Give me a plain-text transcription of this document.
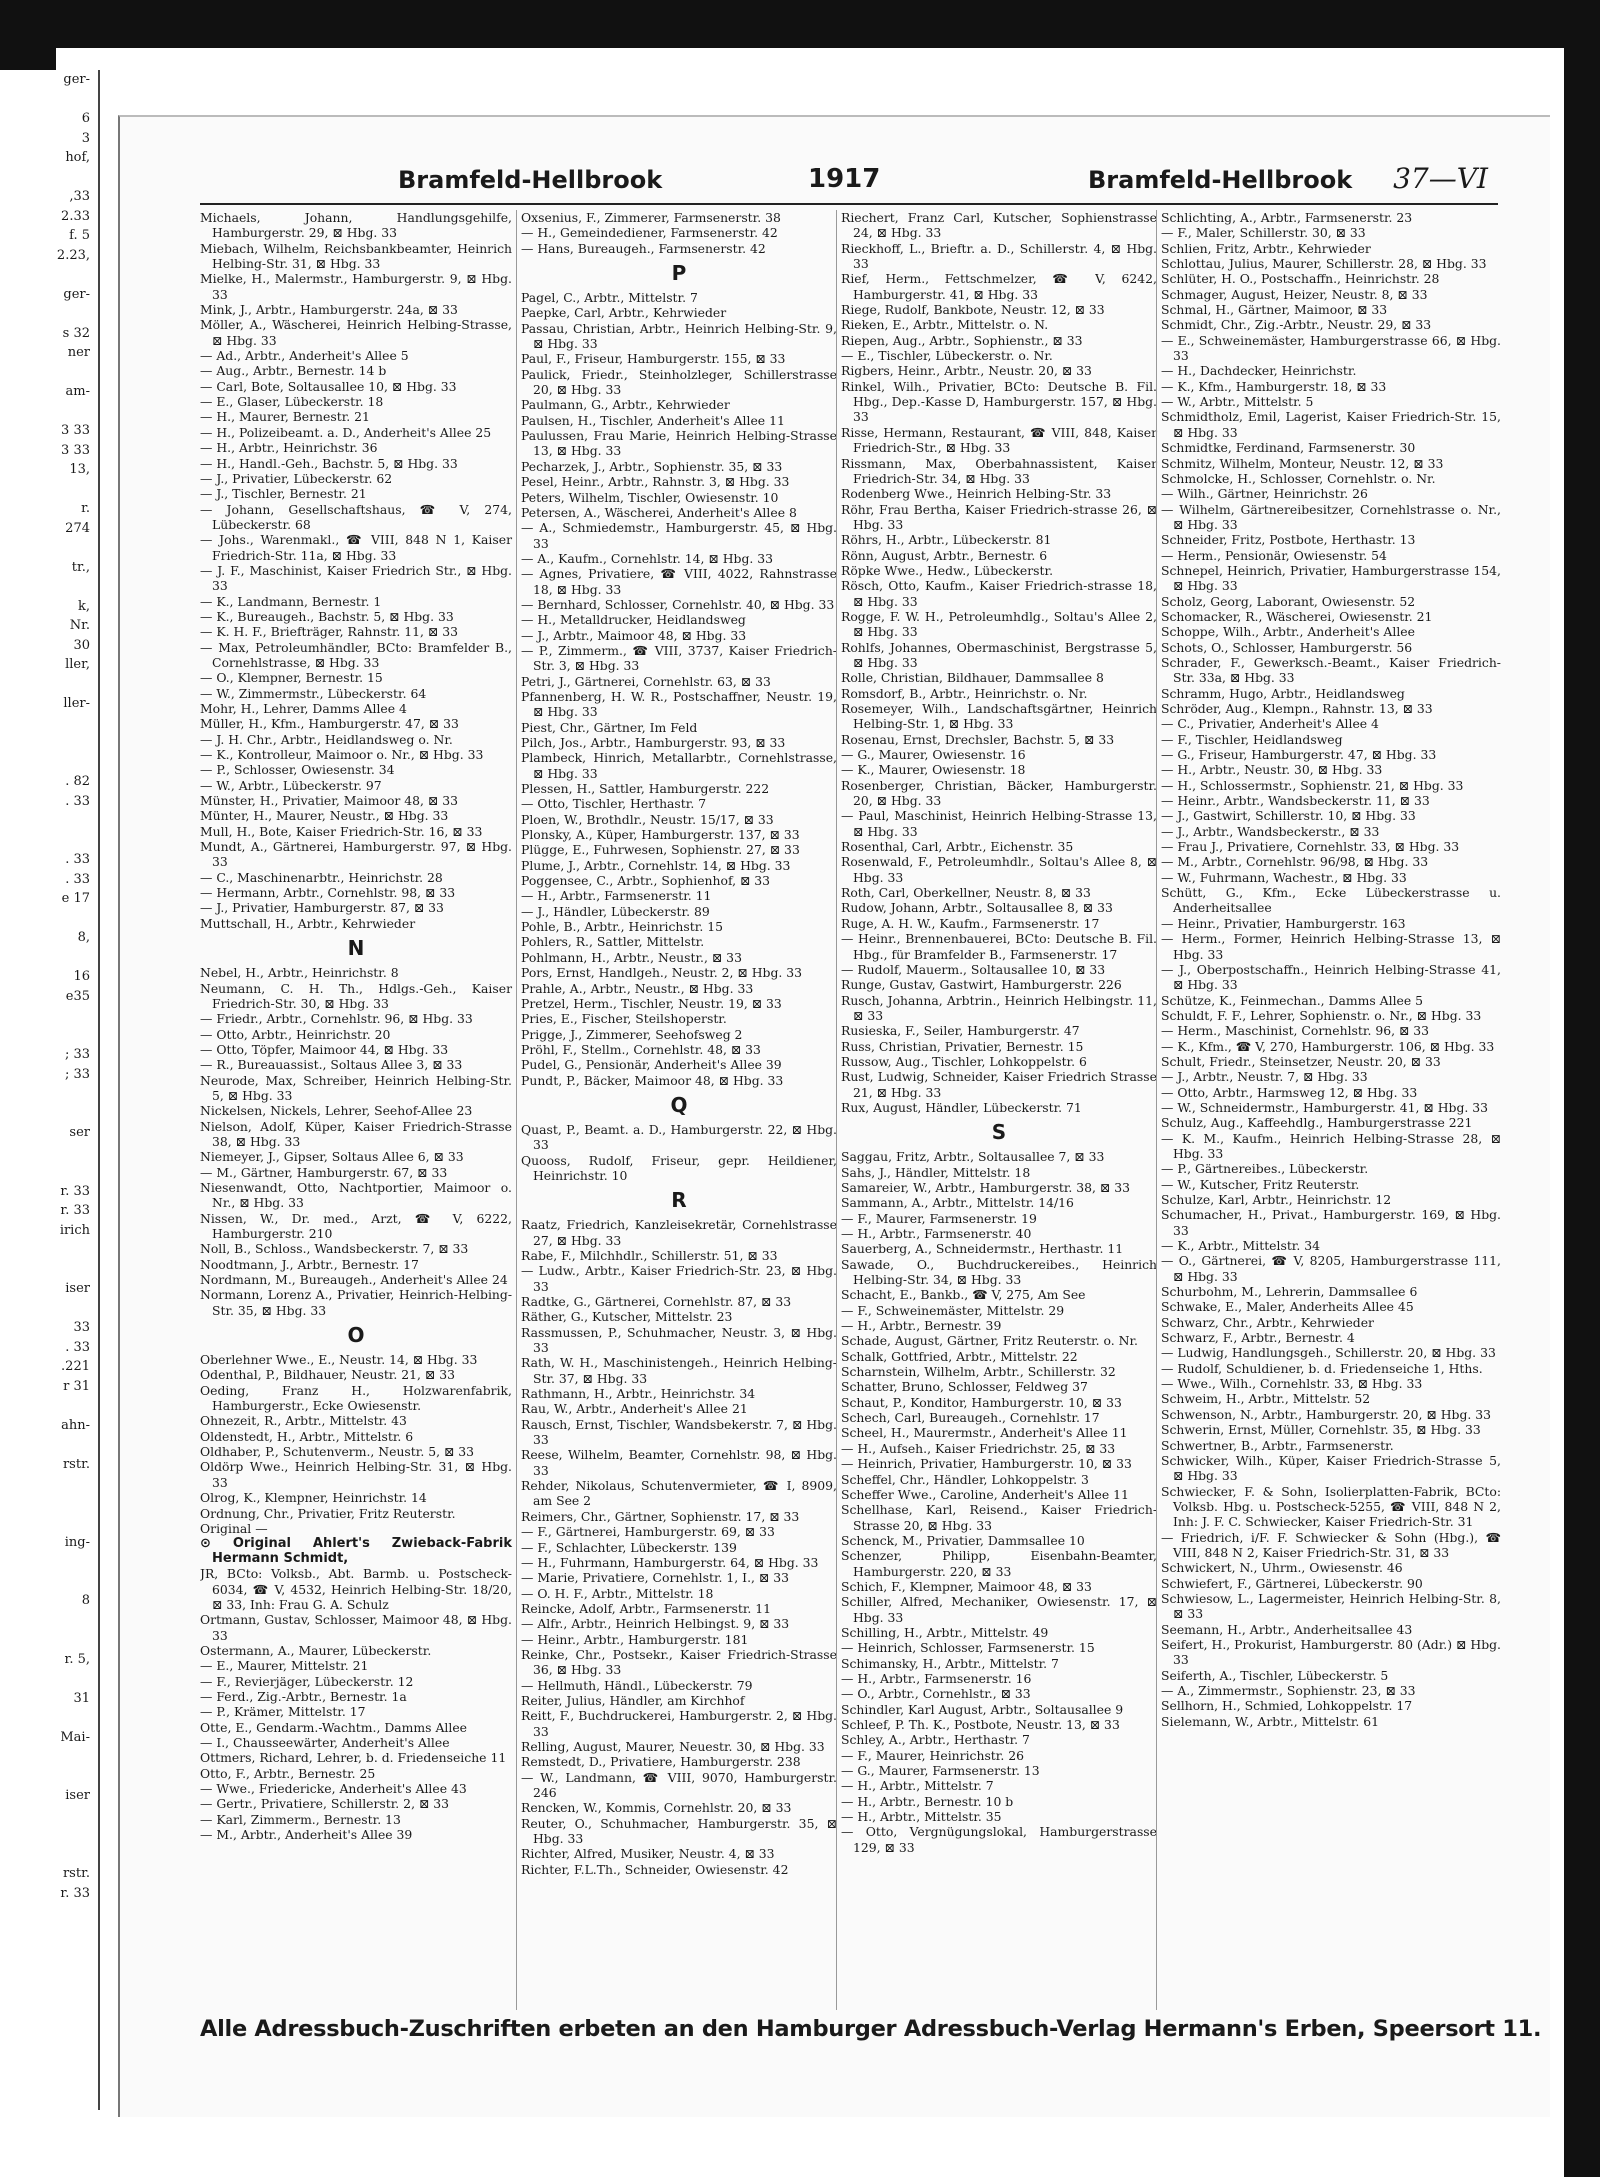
ger-

6
3
hof,

,33
2.33
f. 5
2.23,

ger-

s 32
ner

am-

3 33
3 33
13,

r.
274

tr.,

k,
Nr.
30
ller,

ller-

. 82
. 33

. 33
. 33
e 17

8,

16
e35

; 33
; 33

ser

r. 33
r. 33
irich

iser

33
. 33
.221
r 31

ahn-

rstr.

ing-

8

r. 5,

31

Mai-

iser

rstr.
r. 33
Bramfeld-Hellbrook	1917	Bramfeld-Hellbrook 37—VI
Michaels, Johann, Handlungsgehilfe, Hamburgerstr. 29, ⊠ Hbg. 33
Miebach, Wilhelm, Reichsbankbeamter, Heinrich Helbing-Str. 31, ⊠ Hbg. 33
Mielke, H., Malermstr., Hamburgerstr. 9, ⊠ Hbg. 33
Mink, J., Arbtr., Hamburgerstr. 24a, ⊠ 33
Möller, A., Wäscherei, Heinrich Helbing-Strasse, ⊠ Hbg. 33
— Ad., Arbtr., Anderheit's Allee 5
— Aug., Arbtr., Bernestr. 14 b
— Carl, Bote, Soltausallee 10, ⊠ Hbg. 33
— E., Glaser, Lübeckerstr. 18
— H., Maurer, Bernestr. 21
— H., Polizeibeamt. a. D., Anderheit's Allee 25
— H., Arbtr., Heinrichstr. 36
— H., Handl.-Geh., Bachstr. 5, ⊠ Hbg. 33
— J., Privatier, Lübeckerstr. 62
— J., Tischler, Bernestr. 21
— Johann, Gesellschaftshaus, ☎ V, 274, Lübeckerstr. 68
— Johs., Warenmakl., ☎ VIII, 848 N 1, Kaiser Friedrich-Str. 11a, ⊠ Hbg. 33
— J. F., Maschinist, Kaiser Friedrich Str., ⊠ Hbg. 33
— K., Landmann, Bernestr. 1
— K., Bureaugeh., Bachstr. 5, ⊠ Hbg. 33
— K. H. F., Briefträger, Rahnstr. 11, ⊠ 33
— Max, Petroleumhändler, BCto: Bramfelder B., Cornehlstrasse, ⊠ Hbg. 33
— O., Klempner, Bernestr. 15
— W., Zimmermstr., Lübeckerstr. 64
Mohr, H., Lehrer, Damms Allee 4
Müller, H., Kfm., Hamburgerstr. 47, ⊠ 33
— J. H. Chr., Arbtr., Heidlandsweg o. Nr.
— K., Kontrolleur, Maimoor o. Nr., ⊠ Hbg. 33
— P., Schlosser, Owiesenstr. 34
— W., Arbtr., Lübeckerstr. 97
Münster, H., Privatier, Maimoor 48, ⊠ 33
Münter, H., Maurer, Neustr., ⊠ Hbg. 33
Mull, H., Bote, Kaiser Friedrich-Str. 16, ⊠ 33
Mundt, A., Gärtnerei, Hamburgerstr. 97, ⊠ Hbg. 33
— C., Maschinenarbtr., Heinrichstr. 28
— Hermann, Arbtr., Cornehlstr. 98, ⊠ 33
— J., Privatier, Hamburgerstr. 87, ⊠ 33
Muttschall, H., Arbtr., Kehrwieder
N
Nebel, H., Arbtr., Heinrichstr. 8
Neumann, C. H. Th., Hdlgs.-Geh., Kaiser Friedrich-Str. 30, ⊠ Hbg. 33
— Friedr., Arbtr., Cornehlstr. 96, ⊠ Hbg. 33
— Otto, Arbtr., Heinrichstr. 20
— Otto, Töpfer, Maimoor 44, ⊠ Hbg. 33
— R., Bureauassist., Soltaus Allee 3, ⊠ 33
Neurode, Max, Schreiber, Heinrich Helbing-Str. 5, ⊠ Hbg. 33
Nickelsen, Nickels, Lehrer, Seehof-Allee 23
Nielson, Adolf, Küper, Kaiser Friedrich-Strasse 38, ⊠ Hbg. 33
Niemeyer, J., Gipser, Soltaus Allee 6, ⊠ 33
— M., Gärtner, Hamburgerstr. 67, ⊠ 33
Niesenwandt, Otto, Nachtportier, Maimoor o. Nr., ⊠ Hbg. 33
Nissen, W., Dr. med., Arzt, ☎ V, 6222, Hamburgerstr. 210
Noll, B., Schloss., Wandsbeckerstr. 7, ⊠ 33
Noodtmann, J., Arbtr., Bernestr. 17
Nordmann, M., Bureaugeh., Anderheit's Allee 24
Normann, Lorenz A., Privatier, Heinrich-Helbing-Str. 35, ⊠ Hbg. 33
O
Oberlehner Wwe., E., Neustr. 14, ⊠ Hbg. 33
Odenthal, P., Bildhauer, Neustr. 21, ⊠ 33
Oeding, Franz H., Holzwarenfabrik, Hamburgerstr., Ecke Owiesenstr.
Ohnezeit, R., Arbtr., Mittelstr. 43
Oldenstedt, H., Arbtr., Mittelstr. 6
Oldhaber, P., Schutenverm., Neustr. 5, ⊠ 33
Oldörp Wwe., Heinrich Helbing-Str. 31, ⊠ Hbg. 33
Olrog, K., Klempner, Heinrichstr. 14
Ordnung, Chr., Privatier, Fritz Reuterstr.
Original —
⊙ Original Ahlert's Zwieback-Fabrik Hermann Schmidt,
JR, BCto: Volksb., Abt. Barmb. u. Postscheck-6034, ☎ V, 4532, Heinrich Helbing-Str. 18/20, ⊠ 33, Inh: Frau G. A. Schulz
Ortmann, Gustav, Schlosser, Maimoor 48, ⊠ Hbg. 33
Ostermann, A., Maurer, Lübeckerstr.
— E., Maurer, Mittelstr. 21
— F., Revierjäger, Lübeckerstr. 12
— Ferd., Zig.-Arbtr., Bernestr. 1a
— P., Krämer, Mittelstr. 17
Otte, E., Gendarm.-Wachtm., Damms Allee
— I., Chausseewärter, Anderheit's Allee
Ottmers, Richard, Lehrer, b. d. Friedenseiche 11
Otto, F., Arbtr., Bernestr. 25
— Wwe., Friedericke, Anderheit's Allee 43
— Gertr., Privatiere, Schillerstr. 2, ⊠ 33
— Karl, Zimmerm., Bernestr. 13
— M., Arbtr., Anderheit's Allee 39
Oxsenius, F., Zimmerer, Farmsenerstr. 38
— H., Gemeindediener, Farmsenerstr. 42
— Hans, Bureaugeh., Farmsenerstr. 42
P
Pagel, C., Arbtr., Mittelstr. 7
Paepke, Carl, Arbtr., Kehrwieder
Passau, Christian, Arbtr., Heinrich Helbing-Str. 9, ⊠ Hbg. 33
Paul, F., Friseur, Hamburgerstr. 155, ⊠ 33
Paulick, Friedr., Steinholzleger, Schillerstrasse 20, ⊠ Hbg. 33
Paulmann, G., Arbtr., Kehrwieder
Paulsen, H., Tischler, Anderheit's Allee 11
Paulussen, Frau Marie, Heinrich Helbing-Strasse 13, ⊠ Hbg. 33
Pecharzek, J., Arbtr., Sophienstr. 35, ⊠ 33
Pesel, Heinr., Arbtr., Rahnstr. 3, ⊠ Hbg. 33
Peters, Wilhelm, Tischler, Owiesenstr. 10
Petersen, A., Wäscherei, Anderheit's Allee 8
— A., Schmiedemstr., Hamburgerstr. 45, ⊠ Hbg. 33
— A., Kaufm., Cornehlstr. 14, ⊠ Hbg. 33
— Agnes, Privatiere, ☎ VIII, 4022, Rahnstrasse 18, ⊠ Hbg. 33
— Bernhard, Schlosser, Cornehlstr. 40, ⊠ Hbg. 33
— H., Metalldrucker, Heidlandsweg
— J., Arbtr., Maimoor 48, ⊠ Hbg. 33
— P., Zimmerm., ☎ VIII, 3737, Kaiser Friedrich-Str. 3, ⊠ Hbg. 33
Petri, J., Gärtnerei, Cornehlstr. 63, ⊠ 33
Pfannenberg, H. W. R., Postschaffner, Neustr. 19, ⊠ Hbg. 33
Piest, Chr., Gärtner, Im Feld
Pilch, Jos., Arbtr., Hamburgerstr. 93, ⊠ 33
Plambeck, Hinrich, Metallarbtr., Cornehlstrasse, ⊠ Hbg. 33
Plessen, H., Sattler, Hamburgerstr. 222
— Otto, Tischler, Herthastr. 7
Ploen, W., Brothdlr., Neustr. 15/17, ⊠ 33
Plonsky, A., Küper, Hamburgerstr. 137, ⊠ 33
Plügge, E., Fuhrwesen, Sophienstr. 27, ⊠ 33
Plume, J., Arbtr., Cornehlstr. 14, ⊠ Hbg. 33
Poggensee, C., Arbtr., Sophienhof, ⊠ 33
— H., Arbtr., Farmsenerstr. 11
— J., Händler, Lübeckerstr. 89
Pohle, B., Arbtr., Heinrichstr. 15
Pohlers, R., Sattler, Mittelstr.
Pohlmann, H., Arbtr., Neustr., ⊠ 33
Pors, Ernst, Handlgeh., Neustr. 2, ⊠ Hbg. 33
Prahle, A., Arbtr., Neustr., ⊠ Hbg. 33
Pretzel, Herm., Tischler, Neustr. 19, ⊠ 33
Pries, E., Fischer, Steilshoperstr.
Prigge, J., Zimmerer, Seehofsweg 2
Pröhl, F., Stellm., Cornehlstr. 48, ⊠ 33
Pudel, G., Pensionär, Anderheit's Allee 39
Pundt, P., Bäcker, Maimoor 48, ⊠ Hbg. 33
Q
Quast, P., Beamt. a. D., Hamburgerstr. 22, ⊠ Hbg. 33
Quooss, Rudolf, Friseur, gepr. Heildiener, Heinrichstr. 10
R
Raatz, Friedrich, Kanzleisekretär, Cornehlstrasse 27, ⊠ Hbg. 33
Rabe, F., Milchhdlr., Schillerstr. 51, ⊠ 33
— Ludw., Arbtr., Kaiser Friedrich-Str. 23, ⊠ Hbg. 33
Radtke, G., Gärtnerei, Cornehlstr. 87, ⊠ 33
Räther, G., Kutscher, Mittelstr. 23
Rassmussen, P., Schuhmacher, Neustr. 3, ⊠ Hbg. 33
Rath, W. H., Maschinistengeh., Heinrich Helbing-Str. 37, ⊠ Hbg. 33
Rathmann, H., Arbtr., Heinrichstr. 34
Rau, W., Arbtr., Anderheit's Allee 21
Rausch, Ernst, Tischler, Wandsbekerstr. 7, ⊠ Hbg. 33
Reese, Wilhelm, Beamter, Cornehlstr. 98, ⊠ Hbg. 33
Rehder, Nikolaus, Schutenvermieter, ☎ I, 8909, am See 2
Reimers, Chr., Gärtner, Sophienstr. 17, ⊠ 33
— F., Gärtnerei, Hamburgerstr. 69, ⊠ 33
— F., Schlachter, Lübeckerstr. 139
— H., Fuhrmann, Hamburgerstr. 64, ⊠ Hbg. 33
— Marie, Privatiere, Cornehlstr. 1, I., ⊠ 33
— O. H. F., Arbtr., Mittelstr. 18
Reincke, Adolf, Arbtr., Farmsenerstr. 11
— Alfr., Arbtr., Heinrich Helbingst. 9, ⊠ 33
— Heinr., Arbtr., Hamburgerstr. 181
Reinke, Chr., Postsekr., Kaiser Friedrich-Strasse 36, ⊠ Hbg. 33
— Hellmuth, Händl., Lübeckerstr. 79
Reiter, Julius, Händler, am Kirchhof
Reitt, F., Buchdruckerei, Hamburgerstr. 2, ⊠ Hbg. 33
Relling, August, Maurer, Neuestr. 30, ⊠ Hbg. 33
Remstedt, D., Privatiere, Hamburgerstr. 238
— W., Landmann, ☎ VIII, 9070, Hamburgerstr. 246
Rencken, W., Kommis, Cornehlstr. 20, ⊠ 33
Reuter, O., Schuhmacher, Hamburgerstr. 35, ⊠ Hbg. 33
Richter, Alfred, Musiker, Neustr. 4, ⊠ 33
Richter, F.L.Th., Schneider, Owiesenstr. 42
Riechert, Franz Carl, Kutscher, Sophienstrasse 24, ⊠ Hbg. 33
Rieckhoff, L., Brieftr. a. D., Schillerstr. 4, ⊠ Hbg. 33
Rief, Herm., Fettschmelzer, ☎ V, 6242, Hamburgerstr. 41, ⊠ Hbg. 33
Riege, Rudolf, Bankbote, Neustr. 12, ⊠ 33
Rieken, E., Arbtr., Mittelstr. o. N.
Riepen, Aug., Arbtr., Sophienstr., ⊠ 33
— E., Tischler, Lübeckerstr. o. Nr.
Rigbers, Heinr., Arbtr., Neustr. 20, ⊠ 33
Rinkel, Wilh., Privatier, BCto: Deutsche B. Fil. Hbg., Dep.-Kasse D, Hamburgerstr. 157, ⊠ Hbg. 33
Risse, Hermann, Restaurant, ☎ VIII, 848, Kaiser Friedrich-Str., ⊠ Hbg. 33
Rissmann, Max, Oberbahnassistent, Kaiser Friedrich-Str. 34, ⊠ Hbg. 33
Rodenberg Wwe., Heinrich Helbing-Str. 33
Röhr, Frau Bertha, Kaiser Friedrich-strasse 26, ⊠ Hbg. 33
Röhrs, H., Arbtr., Lübeckerstr. 81
Rönn, August, Arbtr., Bernestr. 6
Röpke Wwe., Hedw., Lübeckerstr.
Rösch, Otto, Kaufm., Kaiser Friedrich-strasse 18, ⊠ Hbg. 33
Rogge, F. W. H., Petroleumhdlg., Soltau's Allee 2, ⊠ Hbg. 33
Rohlfs, Johannes, Obermaschinist, Bergstrasse 5, ⊠ Hbg. 33
Rolle, Christian, Bildhauer, Dammsallee 8
Romsdorf, B., Arbtr., Heinrichstr. o. Nr.
Rosemeyer, Wilh., Landschaftsgärtner, Heinrich Helbing-Str. 1, ⊠ Hbg. 33
Rosenau, Ernst, Drechsler, Bachstr. 5, ⊠ 33
— G., Maurer, Owiesenstr. 16
— K., Maurer, Owiesenstr. 18
Rosenberger, Christian, Bäcker, Hamburgerstr. 20, ⊠ Hbg. 33
— Paul, Maschinist, Heinrich Helbing-Strasse 13, ⊠ Hbg. 33
Rosenthal, Carl, Arbtr., Eichenstr. 35
Rosenwald, F., Petroleumhdlr., Soltau's Allee 8, ⊠ Hbg. 33
Roth, Carl, Oberkellner, Neustr. 8, ⊠ 33
Rudow, Johann, Arbtr., Soltausallee 8, ⊠ 33
Ruge, A. H. W., Kaufm., Farmsenerstr. 17
— Heinr., Brennenbauerei, BCto: Deutsche B. Fil. Hbg., für Bramfelder B., Farmsenerstr. 17
— Rudolf, Mauerm., Soltausallee 10, ⊠ 33
Runge, Gustav, Gastwirt, Hamburgerstr. 226
Rusch, Johanna, Arbtrin., Heinrich Helbingstr. 11, ⊠ 33
Rusieska, F., Seiler, Hamburgerstr. 47
Russ, Christian, Privatier, Bernestr. 15
Russow, Aug., Tischler, Lohkoppelstr. 6
Rust, Ludwig, Schneider, Kaiser Friedrich Strasse 21, ⊠ Hbg. 33
Rux, August, Händler, Lübeckerstr. 71
S
Saggau, Fritz, Arbtr., Soltausallee 7, ⊠ 33
Sahs, J., Händler, Mittelstr. 18
Samareier, W., Arbtr., Hamburgerstr. 38, ⊠ 33
Sammann, A., Arbtr., Mittelstr. 14/16
— F., Maurer, Farmsenerstr. 19
— H., Arbtr., Farmsenerstr. 40
Sauerberg, A., Schneidermstr., Herthastr. 11
Sawade, O., Buchdruckereibes., Heinrich Helbing-Str. 34, ⊠ Hbg. 33
Schacht, E., Bankb., ☎ V, 275, Am See
— F., Schweinemäster, Mittelstr. 29
— H., Arbtr., Bernestr. 39
Schade, August, Gärtner, Fritz Reuterstr. o. Nr.
Schalk, Gottfried, Arbtr., Mittelstr. 22
Scharnstein, Wilhelm, Arbtr., Schillerstr. 32
Schatter, Bruno, Schlosser, Feldweg 37
Schaut, P., Konditor, Hamburgerstr. 10, ⊠ 33
Schech, Carl, Bureaugeh., Cornehlstr. 17
Scheel, H., Maurermstr., Anderheit's Allee 11
— H., Aufseh., Kaiser Friedrichstr. 25, ⊠ 33
— Heinrich, Privatier, Hamburgerstr. 10, ⊠ 33
Scheffel, Chr., Händler, Lohkoppelstr. 3
Scheffer Wwe., Caroline, Anderheit's Allee 11
Schellhase, Karl, Reisend., Kaiser Friedrich-Strasse 20, ⊠ Hbg. 33
Schenck, M., Privatier, Dammsallee 10
Schenzer, Philipp, Eisenbahn-Beamter, Hamburgerstr. 220, ⊠ 33
Schich, F., Klempner, Maimoor 48, ⊠ 33
Schiller, Alfred, Mechaniker, Owiesenstr. 17, ⊠ Hbg. 33
Schilling, H., Arbtr., Mittelstr. 49
— Heinrich, Schlosser, Farmsenerstr. 15
Schimansky, H., Arbtr., Mittelstr. 7
— H., Arbtr., Farmsenerstr. 16
— O., Arbtr., Cornehlstr., ⊠ 33
Schindler, Karl August, Arbtr., Soltausallee 9
Schleef, P. Th. K., Postbote, Neustr. 13, ⊠ 33
Schley, A., Arbtr., Herthastr. 7
— F., Maurer, Heinrichstr. 26
— G., Maurer, Farmsenerstr. 13
— H., Arbtr., Mittelstr. 7
— H., Arbtr., Bernestr. 10 b
— H., Arbtr., Mittelstr. 35
— Otto, Vergnügungslokal, Hamburgerstrasse 129, ⊠ 33
Schlichting, A., Arbtr., Farmsenerstr. 23
— F., Maler, Schillerstr. 30, ⊠ 33
Schlien, Fritz, Arbtr., Kehrwieder
Schlottau, Julius, Maurer, Schillerstr. 28, ⊠ Hbg. 33
Schlüter, H. O., Postschaffn., Heinrichstr. 28
Schmager, August, Heizer, Neustr. 8, ⊠ 33
Schmal, H., Gärtner, Maimoor, ⊠ 33
Schmidt, Chr., Zig.-Arbtr., Neustr. 29, ⊠ 33
— E., Schweinemäster, Hamburgerstrasse 66, ⊠ Hbg. 33
— H., Dachdecker, Heinrichstr.
— K., Kfm., Hamburgerstr. 18, ⊠ 33
— W., Arbtr., Mittelstr. 5
Schmidtholz, Emil, Lagerist, Kaiser Friedrich-Str. 15, ⊠ Hbg. 33
Schmidtke, Ferdinand, Farmsenerstr. 30
Schmitz, Wilhelm, Monteur, Neustr. 12, ⊠ 33
Schmolcke, H., Schlosser, Cornehlstr. o. Nr.
— Wilh., Gärtner, Heinrichstr. 26
— Wilhelm, Gärtnereibesitzer, Cornehlstrasse o. Nr., ⊠ Hbg. 33
Schneider, Fritz, Postbote, Herthastr. 13
— Herm., Pensionär, Owiesenstr. 54
Schnepel, Heinrich, Privatier, Hamburgerstrasse 154, ⊠ Hbg. 33
Scholz, Georg, Laborant, Owiesenstr. 52
Schomacker, R., Wäscherei, Owiesenstr. 21
Schoppe, Wilh., Arbtr., Anderheit's Allee
Schots, O., Schlosser, Hamburgerstr. 56
Schrader, F., Gewerksch.-Beamt., Kaiser Friedrich-Str. 33a, ⊠ Hbg. 33
Schramm, Hugo, Arbtr., Heidlandsweg
Schröder, Aug., Klempn., Rahnstr. 13, ⊠ 33
— C., Privatier, Anderheit's Allee 4
— F., Tischler, Heidlandsweg
— G., Friseur, Hamburgerstr. 47, ⊠ Hbg. 33
— H., Arbtr., Neustr. 30, ⊠ Hbg. 33
— H., Schlossermstr., Sophienstr. 21, ⊠ Hbg. 33
— Heinr., Arbtr., Wandsbeckerstr. 11, ⊠ 33
— J., Gastwirt, Schillerstr. 10, ⊠ Hbg. 33
— J., Arbtr., Wandsbeckerstr., ⊠ 33
— Frau J., Privatiere, Cornehlstr. 33, ⊠ Hbg. 33
— M., Arbtr., Cornehlstr. 96/98, ⊠ Hbg. 33
— W., Fuhrmann, Wachestr., ⊠ Hbg. 33
Schütt, G., Kfm., Ecke Lübeckerstrasse u. Anderheitsallee
— Heinr., Privatier, Hamburgerstr. 163
— Herm., Former, Heinrich Helbing-Strasse 13, ⊠ Hbg. 33
— J., Oberpostschaffn., Heinrich Helbing-Strasse 41, ⊠ Hbg. 33
Schütze, K., Feinmechan., Damms Allee 5
Schuldt, F. F., Lehrer, Sophienstr. o. Nr., ⊠ Hbg. 33
— Herm., Maschinist, Cornehlstr. 96, ⊠ 33
— K., Kfm., ☎ V, 270, Hamburgerstr. 106, ⊠ Hbg. 33
Schult, Friedr., Steinsetzer, Neustr. 20, ⊠ 33
— J., Arbtr., Neustr. 7, ⊠ Hbg. 33
— Otto, Arbtr., Harmsweg 12, ⊠ Hbg. 33
— W., Schneidermstr., Hamburgerstr. 41, ⊠ Hbg. 33
Schulz, Aug., Kaffeehdlg., Hamburgerstrasse 221
— K. M., Kaufm., Heinrich Helbing-Strasse 28, ⊠ Hbg. 33
— P., Gärtnereibes., Lübeckerstr.
— W., Kutscher, Fritz Reuterstr.
Schulze, Karl, Arbtr., Heinrichstr. 12
Schumacher, H., Privat., Hamburgerstr. 169, ⊠ Hbg. 33
— K., Arbtr., Mittelstr. 34
— O., Gärtnerei, ☎ V, 8205, Hamburgerstrasse 111, ⊠ Hbg. 33
Schurbohm, M., Lehrerin, Dammsallee 6
Schwake, E., Maler, Anderheits Allee 45
Schwarz, Chr., Arbtr., Kehrwieder
Schwarz, F., Arbtr., Bernestr. 4
— Ludwig, Handlungsgeh., Schillerstr. 20, ⊠ Hbg. 33
— Rudolf, Schuldiener, b. d. Friedenseiche 1, Hths.
— Wwe., Wilh., Cornehlstr. 33, ⊠ Hbg. 33
Schweim, H., Arbtr., Mittelstr. 52
Schwenson, N., Arbtr., Hamburgerstr. 20, ⊠ Hbg. 33
Schwerin, Ernst, Müller, Cornehlstr. 35, ⊠ Hbg. 33
Schwertner, B., Arbtr., Farmsenerstr.
Schwicker, Wilh., Küper, Kaiser Friedrich-Strasse 5, ⊠ Hbg. 33
Schwiecker, F. & Sohn, Isolierplatten-Fabrik, BCto: Volksb. Hbg. u. Postscheck-5255, ☎ VIII, 848 N 2, Inh: J. F. C. Schwiecker, Kaiser Friedrich-Str. 31
— Friedrich, i/F. F. Schwiecker & Sohn (Hbg.), ☎ VIII, 848 N 2, Kaiser Friedrich-Str. 31, ⊠ 33
Schwickert, N., Uhrm., Owiesenstr. 46
Schwiefert, F., Gärtnerei, Lübeckerstr. 90
Schwiesow, L., Lagermeister, Heinrich Helbing-Str. 8, ⊠ 33
Seemann, H., Arbtr., Anderheitsallee 43
Seifert, H., Prokurist, Hamburgerstr. 80 (Adr.) ⊠ Hbg. 33
Seiferth, A., Tischler, Lübeckerstr. 5
— A., Zimmermstr., Sophienstr. 23, ⊠ 33
Sellhorn, H., Schmied, Lohkoppelstr. 17
Sielemann, W., Arbtr., Mittelstr. 61
Alle Adressbuch-Zuschriften erbeten an den Hamburger Adressbuch-Verlag Hermann's Erben, Speersort 11.
